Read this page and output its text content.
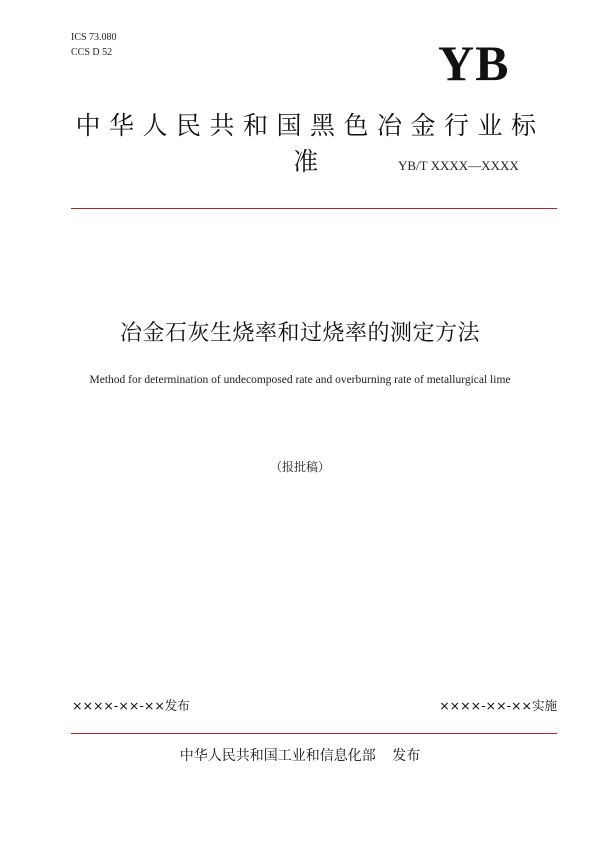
ICS 73.080
CCS D 52	YB
中华人民共和国黑色冶金行业标准	YB/T XXXX—XXXX
冶金石灰生烧率和过烧率的测定方法
Method for determination of undecomposed rate and overburning rate of metallurgical lime
（报批稿）
××××-××-××发布	××××-××-××实施
中华人民共和国工业和信息化部 发布
